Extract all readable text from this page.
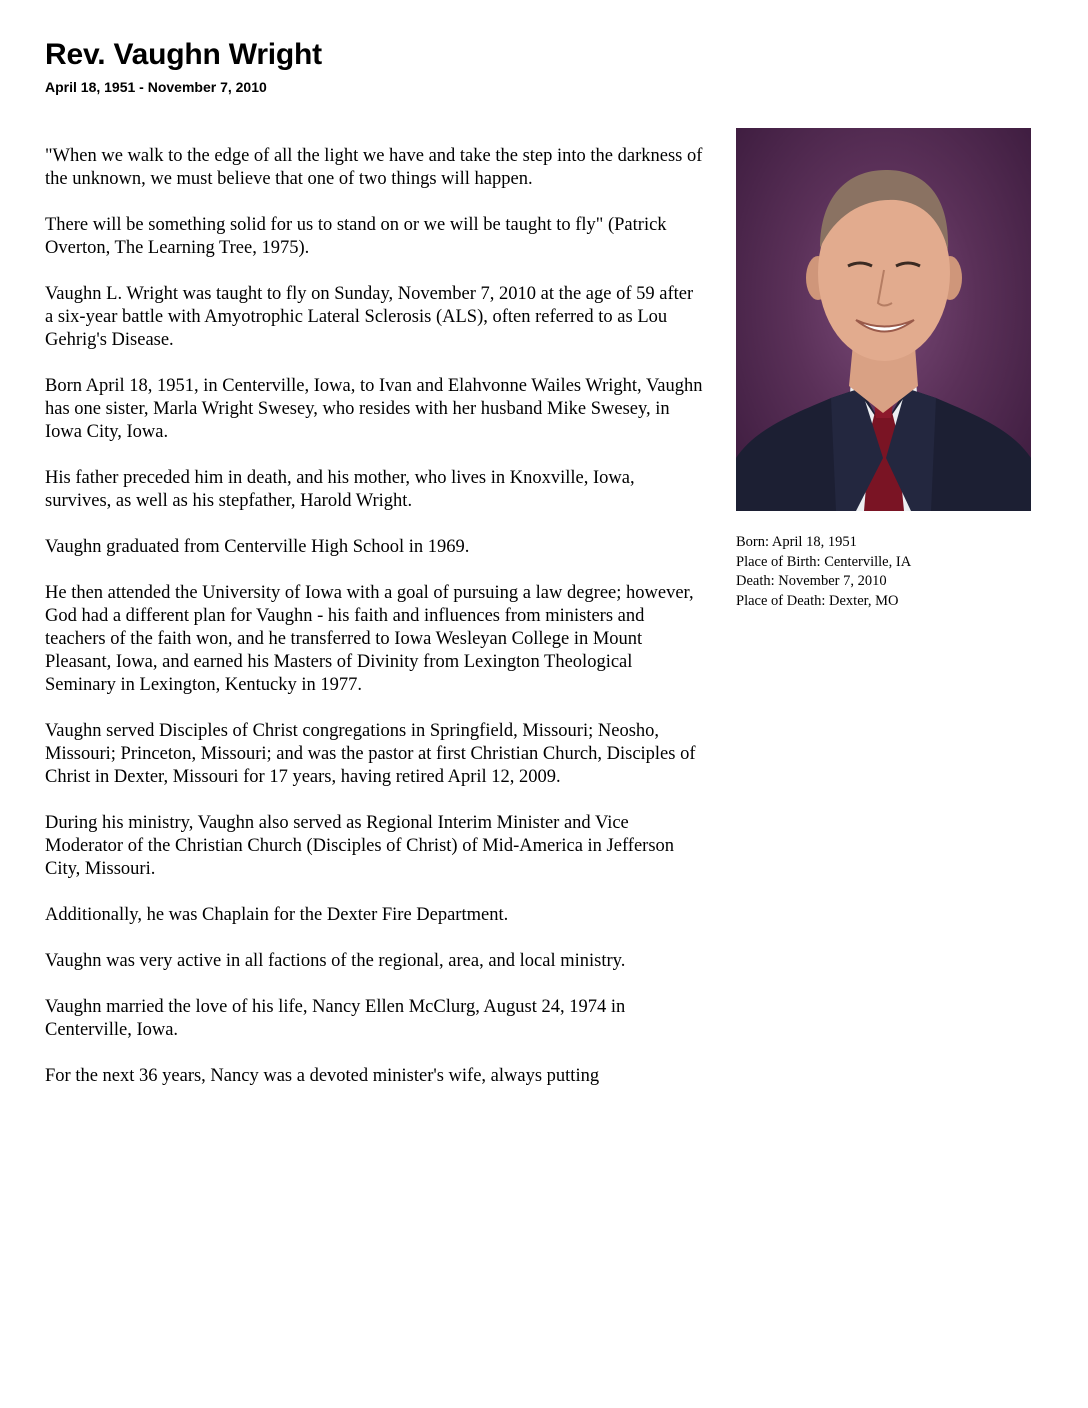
Rev. Vaughn Wright
April 18, 1951 - November 7, 2010

"When we walk to the edge of all the light we have and take the step into the darkness of the unknown, we must believe that one of two things will happen.

There will be something solid for us to stand on or we will be taught to fly" (Patrick Overton, The Learning Tree, 1975).

Vaughn L. Wright was taught to fly on Sunday, November 7, 2010 at the age of 59 after a six-year battle with Amyotrophic Lateral Sclerosis (ALS), often referred to as Lou Gehrig's Disease.

Born April 18, 1951, in Centerville, Iowa, to Ivan and Elahvonne Wailes Wright, Vaughn has one sister, Marla Wright Swesey, who resides with her husband Mike Swesey, in Iowa City, Iowa.

His father preceded him in death, and his mother, who lives in Knoxville, Iowa, survives, as well as his stepfather, Harold Wright.

Vaughn graduated from Centerville High School in 1969.

He then attended the University of Iowa with a goal of pursuing a law degree; however, God had a different plan for Vaughn - his faith and influences from ministers and teachers of the faith won, and he transferred to Iowa Wesleyan College in Mount Pleasant, Iowa, and earned his Masters of Divinity from Lexington Theological Seminary in Lexington, Kentucky in 1977.

Vaughn served Disciples of Christ congregations in Springfield, Missouri; Neosho, Missouri; Princeton, Missouri; and was the pastor at first Christian Church, Disciples of Christ in Dexter, Missouri for 17 years, having retired April 12, 2009.

During his ministry, Vaughn also served as Regional Interim Minister and Vice Moderator of the Christian Church (Disciples of Christ) of Mid-America in Jefferson City, Missouri.

Additionally, he was Chaplain for the Dexter Fire Department.

Vaughn was very active in all factions of the regional, area, and local ministry.

Vaughn married the love of his life, Nancy Ellen McClurg, August 24, 1974 in Centerville, Iowa.

For the next 36 years, Nancy was a devoted minister's wife, always putting

Born: April 18, 1951
Place of Birth: Centerville, IA
Death: November 7, 2010
Place of Death: Dexter, MO
